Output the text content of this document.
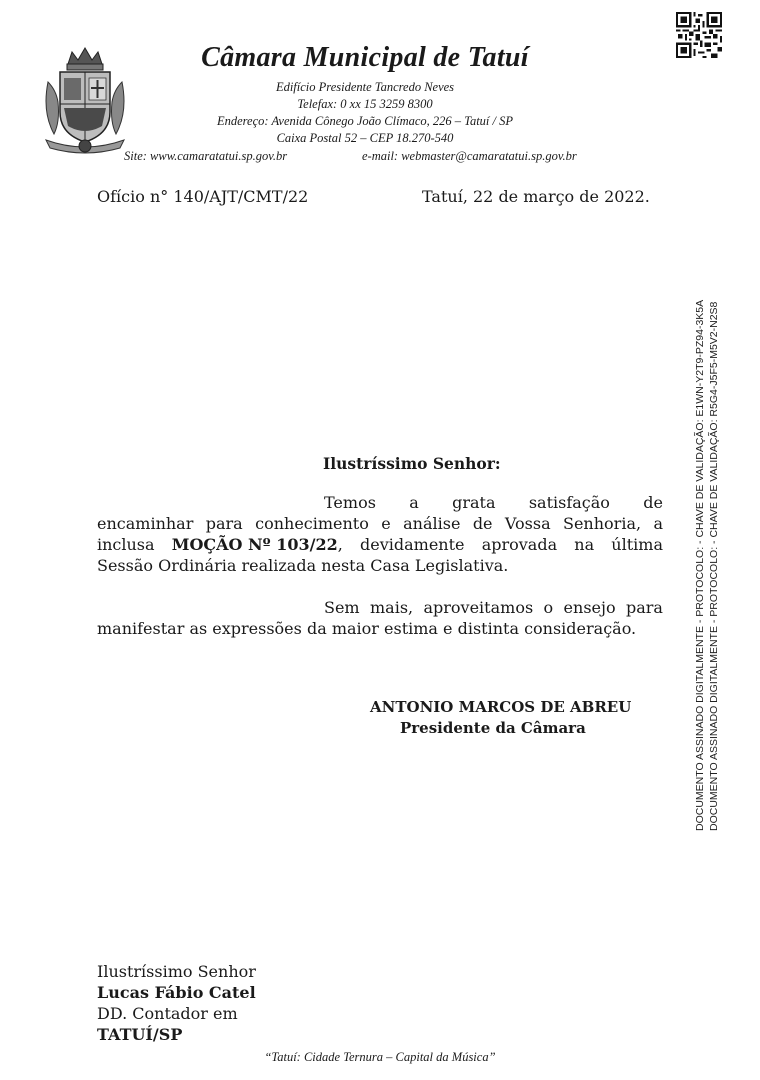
Câmara Municipal de Tatuí
Edifício Presidente Tancredo Neves
Telefax: 0 xx 15 3259 8300
Endereço: Avenida Cônego João Clímaco, 226 – Tatuí / SP
Caixa Postal 52 – CEP 18.270-540
Site: www.camaratatui.sp.gov.br	e-mail: webmaster@camaratatui.sp.gov.br
Ofício n° 140/AJT/CMT/22	Tatuí, 22 de março de 2022.
Ilustríssimo Senhor:
Temos a grata satisfação de
encaminhar para conhecimento e análise de Vossa Senhoria, a
inclusa MOÇÃO Nº 103/22, devidamente aprovada na última
Sessão Ordinária realizada nesta Casa Legislativa.
Sem mais, aproveitamos o ensejo para
manifestar as expressões da maior estima e distinta consideração.
ANTONIO MARCOS DE ABREU
Presidente da Câmara	DOCUMENTO ASSINADO DIGITALMENTE - PROTOCOLO: - CHAVE DE VALIDAÇÃO: E1WN-Y2T9-PZ94-3K5A DOCUMENTO ASSINADO DIGITALMENTE - PROTOCOLO: - CHAVE DE VALIDAÇÃO: R5G4-J5F5-M5V2-N2S8
Ilustríssimo Senhor
Lucas Fábio Catel
DD. Contador em
TATUÍ/SP
“Tatuí: Cidade Ternura – Capital da Música”
